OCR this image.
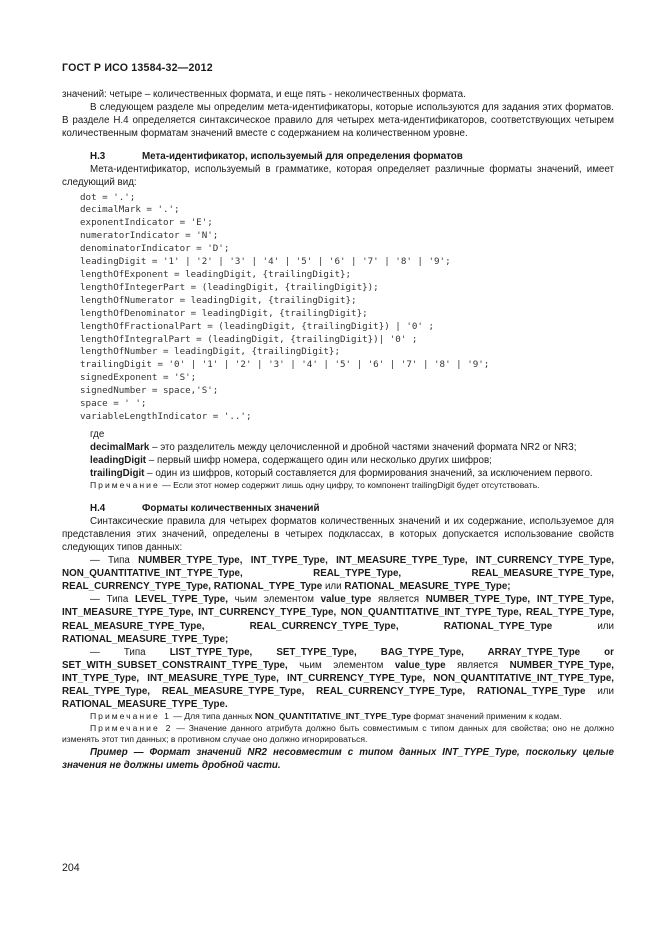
ГОСТ Р ИСО 13584-32—2012

значений: четыре – количественных формата, и еще пять - неколичественных формата.

В следующем разделе мы определим мета-идентификаторы, которые используются для задания этих форматов. В разделе Н.4 определяется синтаксическое правило для четырех мета-идентификаторов, соответствующих четырем количественным форматам значений вместе с содержанием на количественном уровне.

Н.3	Мета-идентификатор, используемый для определения форматов

Мета-идентификатор, используемый в грамматике, которая определяет различные форматы значений, имеет следующий вид:

dot = '.';
decimalMark = '.';
exponentIndicator = 'E';
numeratorIndicator = 'N';
denominatorIndicator = 'D';
leadingDigit = '1' | '2' | '3' | '4' | '5' | '6' | '7' | '8' | '9';
lengthOfExponent = leadingDigit, {trailingDigit};
lengthOfIntegerPart = (leadingDigit, {trailingDigit});
lengthOfNumerator = leadingDigit, {trailingDigit};
lengthOfDenominator = leadingDigit, {trailingDigit};
lengthOfFractionalPart = (leadingDigit, {trailingDigit}) | '0' ;
lengthOfIntegralPart = (leadingDigit, {trailingDigit})| '0' ;
lengthOfNumber = leadingDigit, {trailingDigit};
trailingDigit = '0' | '1' | '2' | '3' | '4' | '5' | '6' | '7' | '8' | '9';
signedExponent = 'S';
signedNumber = space,'S';
space = ' ';
variableLengthIndicator = '..';

где

decimalMark – это разделитель между целочисленной и дробной частями значений формата NR2 or NR3;

leadingDigit – первый шифр номера, содержащего один или несколько других шифров;

trailingDigit – один из шифров, который составляется для формирования значений, за исключением первого.

Примечание — Если этот номер содержит лишь одну цифру, то компонент trailingDigit будет отсутствовать.

Н.4	Форматы количественных значений

Синтаксические правила для четырех форматов количественных значений и их содержание, используемое для представления этих значений, определены в четырех подклассах, в которых допускается использование свойств следующих типов данных:

— Типа NUMBER_TYPE_Type, INT_TYPE_Type, INT_MEASURE_TYPE_Type, INT_CURRENCY_TYPE_Type, NON_QUANTITATIVE_INT_TYPE_Type, REAL_TYPE_Type, REAL_MEASURE_TYPE_Type, REAL_CURRENCY_TYPE_Type, RATIONAL_TYPE_Type или RATIONAL_MEASURE_TYPE_Type;

— Типа LEVEL_TYPE_Type, чьим элементом value_type является NUMBER_TYPE_Type, INT_TYPE_Type, INT_MEASURE_TYPE_Type, INT_CURRENCY_TYPE_Type, NON_QUANTITATIVE_INT_TYPE_Type, REAL_TYPE_Type, REAL_MEASURE_TYPE_Type, REAL_CURRENCY_TYPE_Type, RATIONAL_TYPE_Type или RATIONAL_MEASURE_TYPE_Type;

— Типа LIST_TYPE_Type, SET_TYPE_Type, BAG_TYPE_Type, ARRAY_TYPE_Type or SET_WITH_SUBSET_CONSTRAINT_TYPE_Type, чьим элементом value_type является NUMBER_TYPE_Type, INT_TYPE_Type, INT_MEASURE_TYPE_Type, INT_CURRENCY_TYPE_Type, NON_QUANTITATIVE_INT_TYPE_Type, REAL_TYPE_Type, REAL_MEASURE_TYPE_Type, REAL_CURRENCY_TYPE_Type, RATIONAL_TYPE_Type или RATIONAL_MEASURE_TYPE_Type.

Примечание 1 — Для типа данных NON_QUANTITATIVE_INT_TYPE_Type формат значений применим к кодам.

Примечание 2 — Значение данного атрибута должно быть совместимым с типом данных для свойства; оно не должно изменять этот тип данных; в противном случае оно должно игнорироваться.

Пример — Формат значений NR2 несовместим с типом данных INT_TYPE_Type, поскольку целые значения не должны иметь дробной части.

204
